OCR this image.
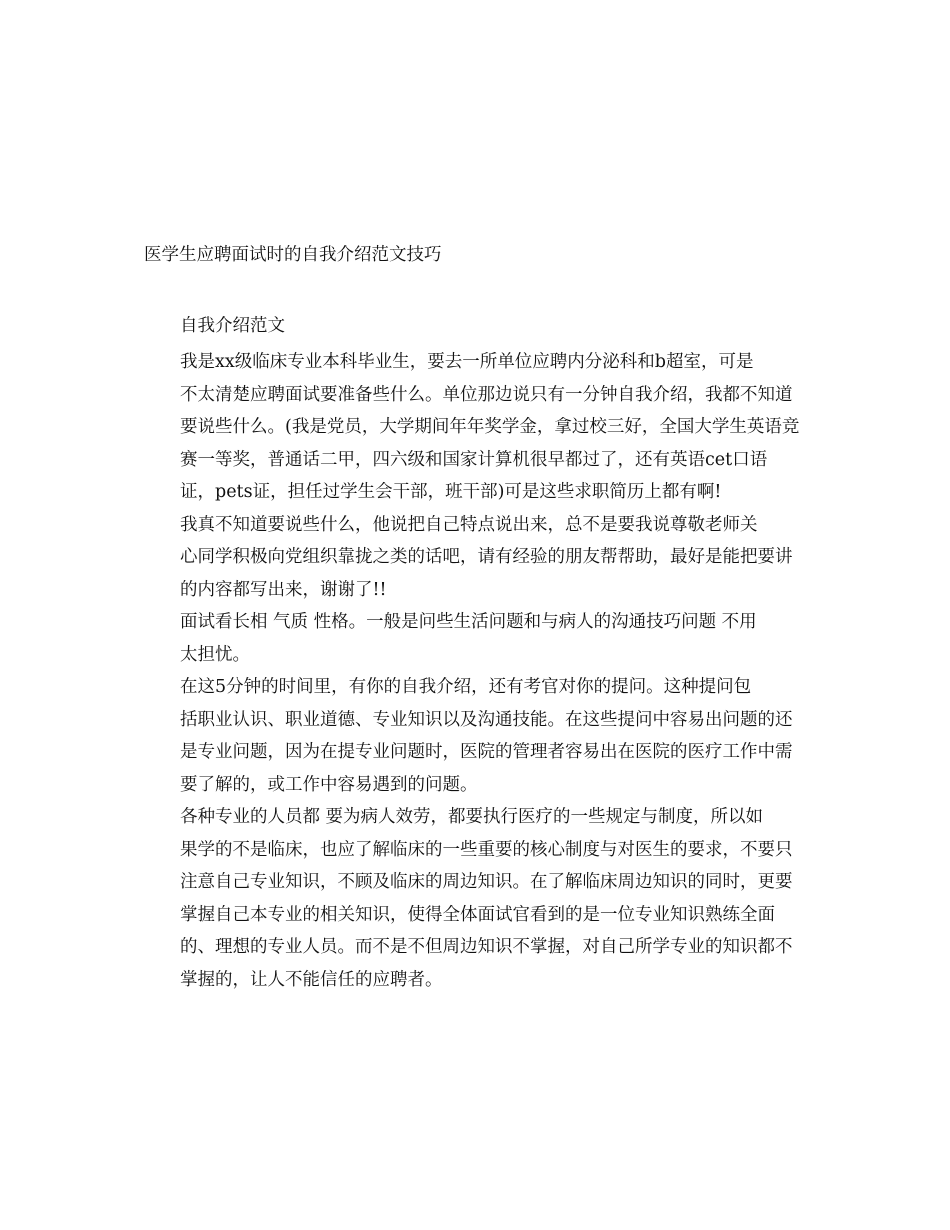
医学生应聘面试时的自我介绍范文技巧
自我介绍范文

我是xx级临床专业本科毕业生，要去一所单位应聘内分泌科和b超室，可是
不太清楚应聘面试要准备些什么。单位那边说只有一分钟自我介绍，我都不知道
要说些什么。(我是党员，大学期间年年奖学金，拿过校三好，全国大学生英语竞
赛一等奖，普通话二甲，四六级和国家计算机很早都过了，还有英语cet口语
证，pets证，担任过学生会干部，班干部)可是这些求职简历上都有啊!

我真不知道要说些什么，他说把自己特点说出来，总不是要我说尊敬老师关
心同学积极向党组织靠拢之类的话吧，请有经验的朋友帮帮助，最好是能把要讲
的内容都写出来，谢谢了!!

面试看长相 气质 性格。一般是问些生活问题和与病人的沟通技巧问题 不用
太担忧。

在这5分钟的时间里，有你的自我介绍，还有考官对你的提问。这种提问包
括职业认识、职业道德、专业知识以及沟通技能。在这些提问中容易出问题的还
是专业问题，因为在提专业问题时，医院的管理者容易出在医院的医疗工作中需
要了解的，或工作中容易遇到的问题。

各种专业的人员都 要为病人效劳，都要执行医疗的一些规定与制度，所以如
果学的不是临床，也应了解临床的一些重要的核心制度与对医生的要求，不要只
注意自己专业知识，不顾及临床的周边知识。在了解临床周边知识的同时，更要
掌握自己本专业的相关知识，使得全体面试官看到的是一位专业知识熟练全面
的、理想的专业人员。而不是不但周边知识不掌握，对自己所学专业的知识都不
掌握的，让人不能信任的应聘者。
